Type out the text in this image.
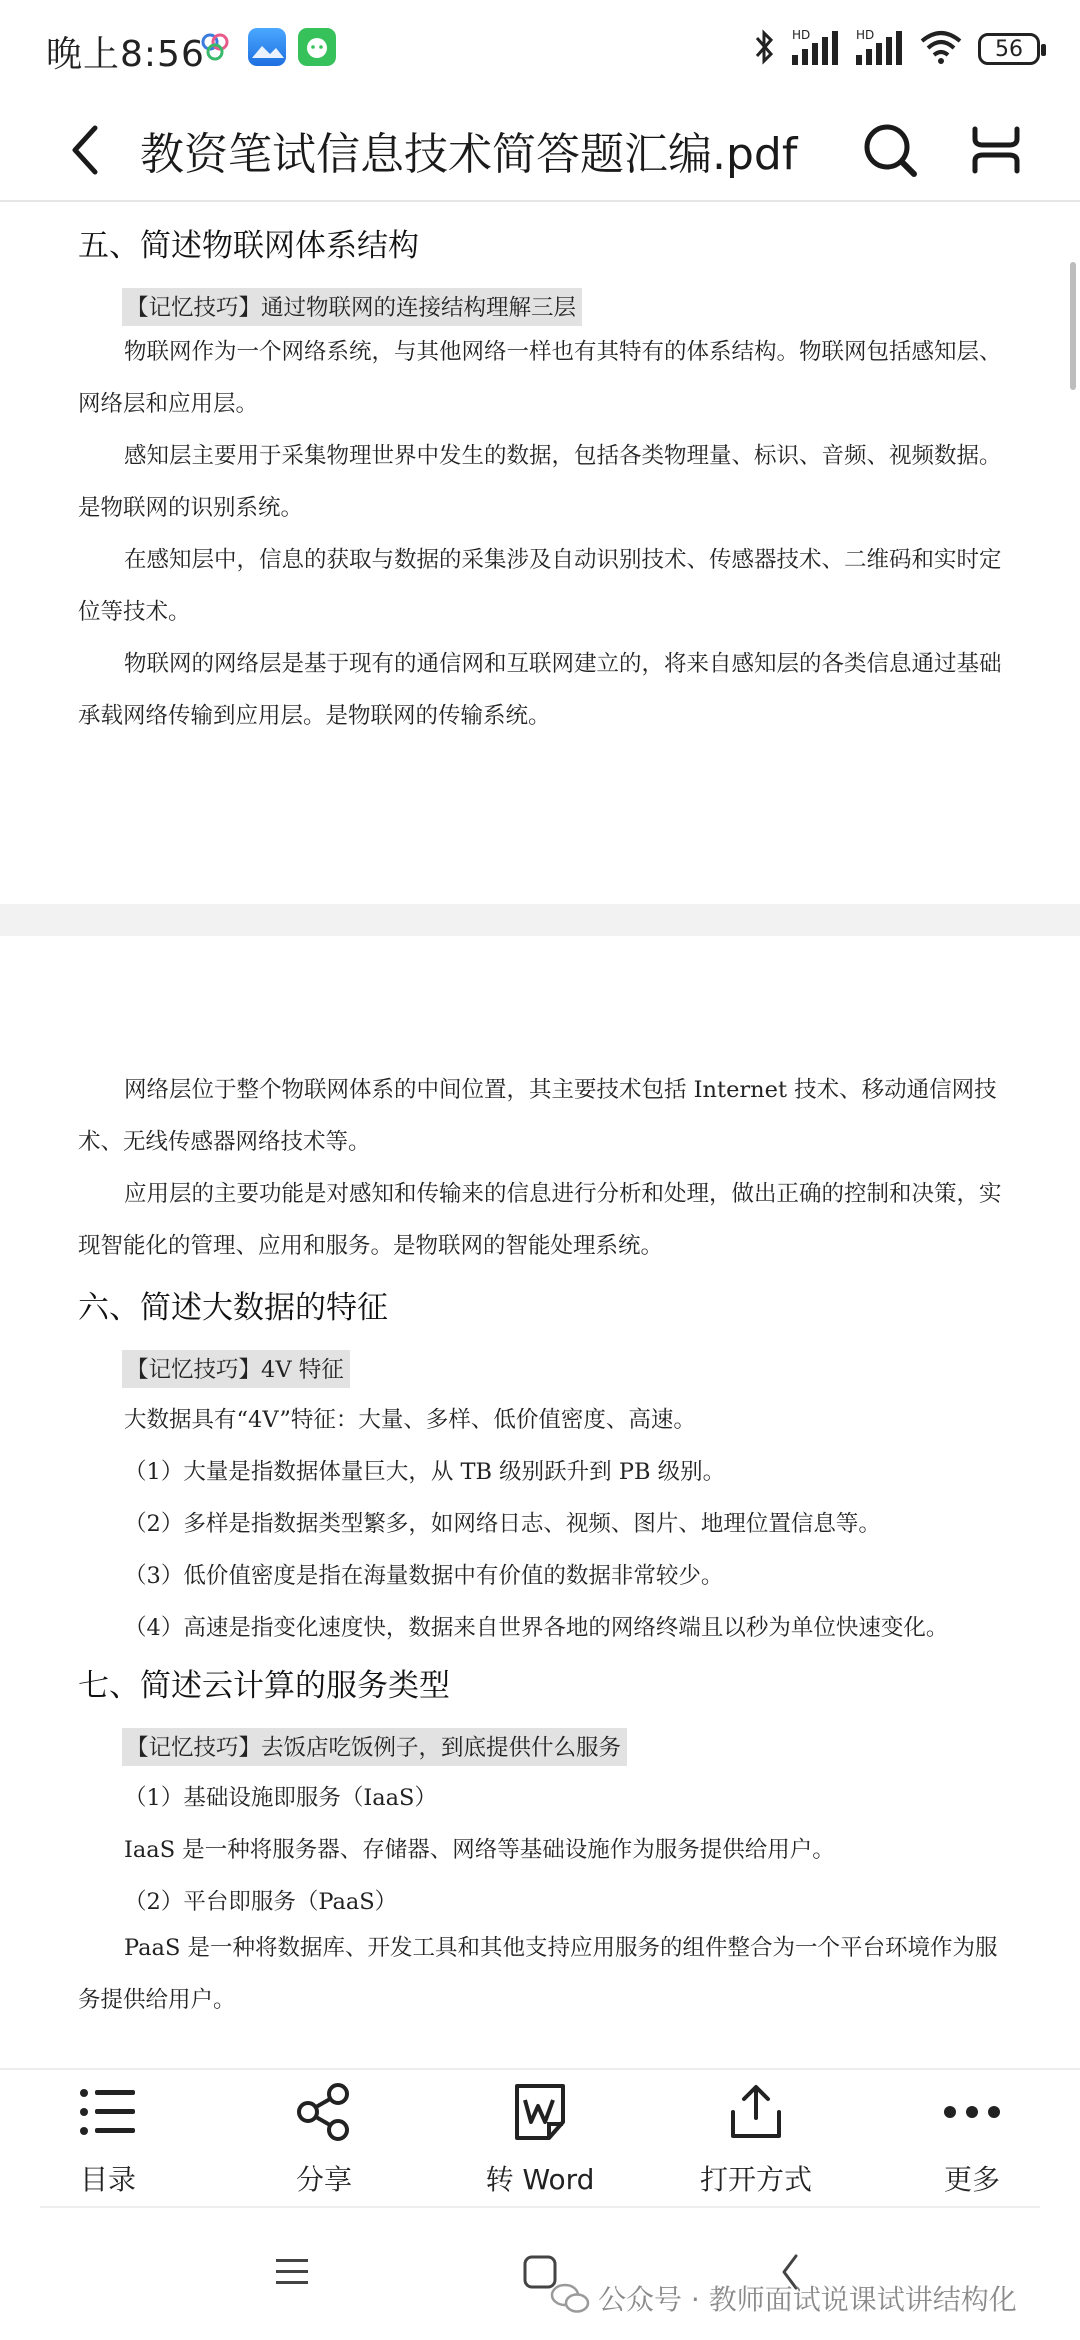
晚上8:56	HD	HD
56
教资笔试信息技术简答题汇编.pdf
五、简述物联网体系结构
【记忆技巧】通过物联网的连接结构理解三层
物联网作为一个网络系统，与其他网络一样也有其特有的体系结构。物联网包括感知层、网络层和应用层。
感知层主要用于采集物理世界中发生的数据，包括各类物理量、标识、音频、视频数据。是物联网的识别系统。
在感知层中，信息的获取与数据的采集涉及自动识别技术、传感器技术、二维码和实时定位等技术。
物联网的网络层是基于现有的通信网和互联网建立的，将来自感知层的各类信息通过基础承载网络传输到应用层。是物联网的传输系统。
网络层位于整个物联网体系的中间位置，其主要技术包括 Internet 技术、移动通信网技术、无线传感器网络技术等。
应用层的主要功能是对感知和传输来的信息进行分析和处理，做出正确的控制和决策，实现智能化的管理、应用和服务。是物联网的智能处理系统。
六、简述大数据的特征
【记忆技巧】4V 特征
大数据具有“4V”特征：大量、多样、低价值密度、高速。
（1）大量是指数据体量巨大，从 TB 级别跃升到 PB 级别。
（2）多样是指数据类型繁多，如网络日志、视频、图片、地理位置信息等。
（3）低价值密度是指在海量数据中有价值的数据非常较少。
（4）高速是指变化速度快，数据来自世界各地的网络终端且以秒为单位快速变化。
七、简述云计算的服务类型
【记忆技巧】去饭店吃饭例子，到底提供什么服务
（1）基础设施即服务（IaaS）
IaaS 是一种将服务器、存储器、网络等基础设施作为服务提供给用户。
（2）平台即服务（PaaS）
PaaS 是一种将数据库、开发工具和其他支持应用服务的组件整合为一个平台环境作为服务提供给用户。
目录	分享	转 Word	打开方式	更多
公众号 · 教师面试说课试讲结构化
